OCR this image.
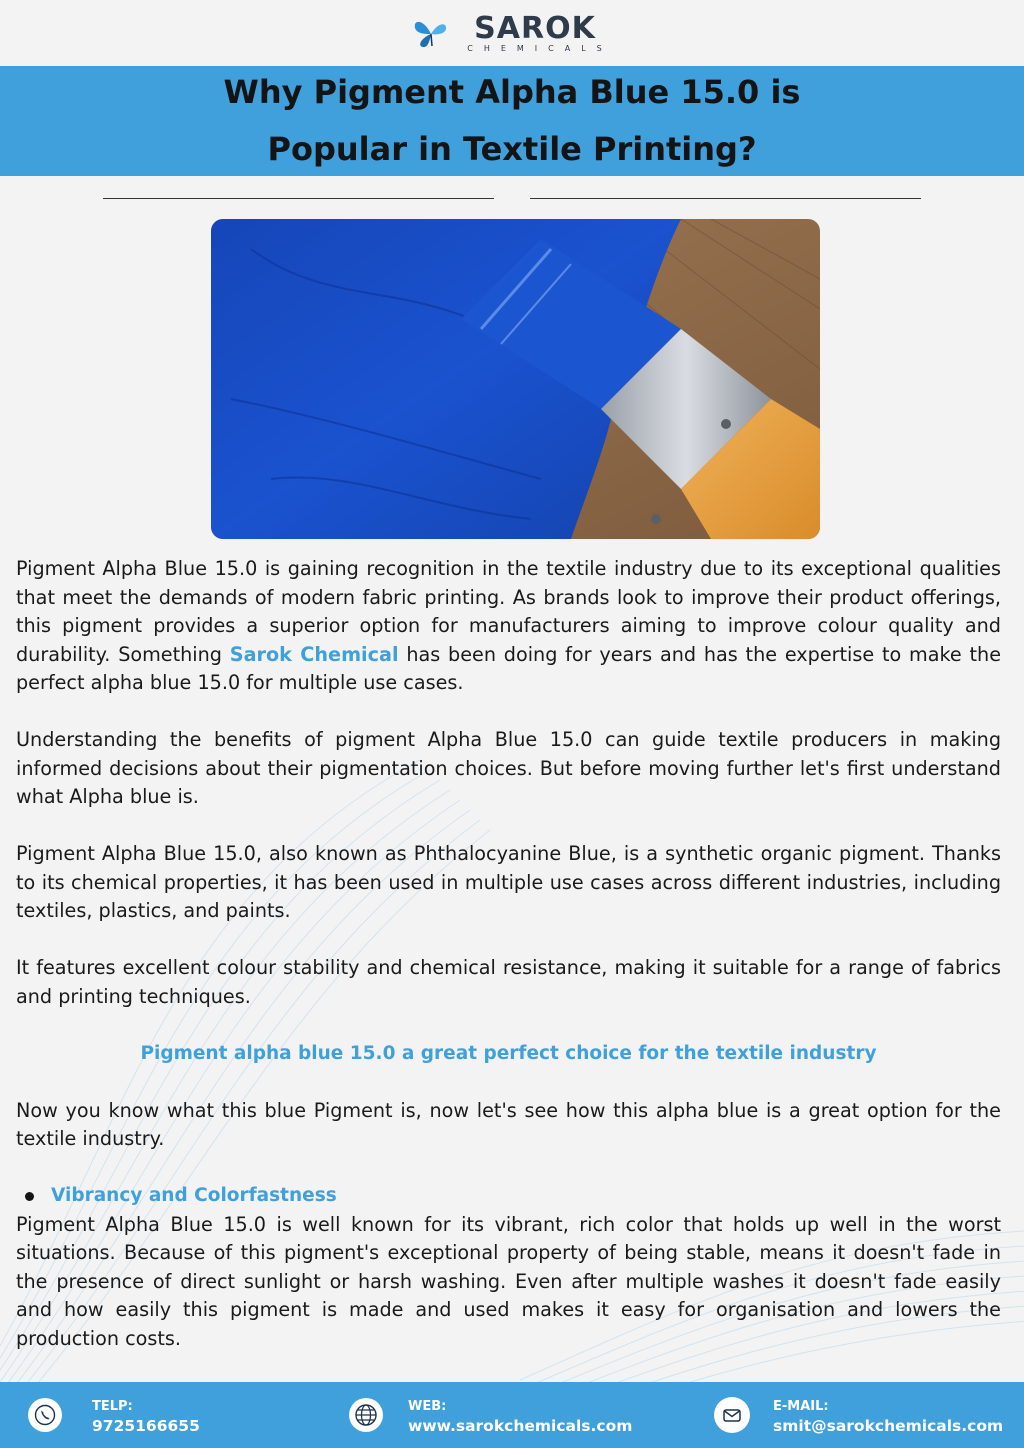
SAROK
CHEMICALS
Why Pigment Alpha Blue 15.0 is
Popular in Textile Printing?

Pigment Alpha Blue 15.0 is gaining recognition in the textile industry due to its exceptional qualities that meet the demands of modern fabric printing. As brands look to improve their product offerings, this pigment provides a superior option for manufacturers aiming to improve colour quality and durability. Something Sarok Chemical has been doing for years and has the expertise to make the perfect alpha blue 15.0 for multiple use cases.

Understanding the benefits of pigment Alpha Blue 15.0 can guide textile producers in making informed decisions about their pigmentation choices. But before moving further let's first understand what Alpha blue is.

Pigment Alpha Blue 15.0, also known as Phthalocyanine Blue, is a synthetic organic pigment. Thanks to its chemical properties, it has been used in multiple use cases across different industries, including textiles, plastics, and paints.

It features excellent colour stability and chemical resistance, making it suitable for a range of fabrics and printing techniques.

Pigment alpha blue 15.0 a great perfect choice for the textile industry

Now you know what this blue Pigment is, now let's see how this alpha blue is a great option for the textile industry.

Vibrancy and Colorfastness

Pigment Alpha Blue 15.0 is well known for its vibrant, rich color that holds up well in the worst situations. Because of this pigment's exceptional property of being stable, means it doesn't fade in the presence of direct sunlight or harsh washing. Even after multiple washes it doesn't fade easily and how easily this pigment is made and used makes it easy for organisation and lowers the production costs.

TELP:
9725166655
WEB:
www.sarokchemicals.com
E-MAIL:
smit@sarokchemicals.com
